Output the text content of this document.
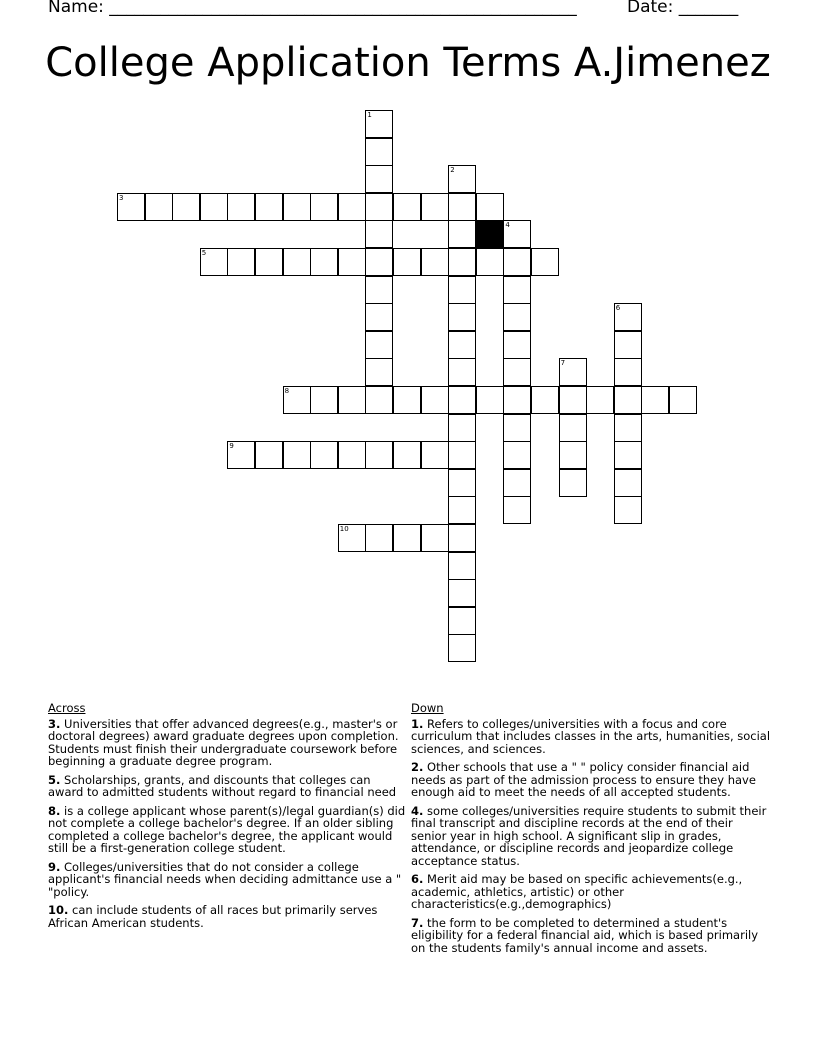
Name: _______________________________________________________	Date: _______
College Application Terms A.Jimenez
1
2
3
4
5
6
7
8
9
10
Across
3. Universities that offer advanced degrees(e.g., master's or doctoral degrees) award graduate degrees upon completion. Students must finish their undergraduate coursework before beginning a graduate degree program.
5. Scholarships, grants, and discounts that colleges can award to admitted students without regard to financial need
8. is a college applicant whose parent(s)/legal guardian(s) did not complete a college bachelor's degree. If an older sibling completed a college bachelor's degree, the applicant would still be a first-generation college student.
9. Colleges/universities that do not consider a college applicant's financial needs when deciding admittance use a " "policy.
10. can include students of all races but primarily serves African American students.
Down
1. Refers to colleges/universities with a focus and core curriculum that includes classes in the arts, humanities, social sciences, and sciences.
2. Other schools that use a " " policy consider financial aid needs as part of the admission process to ensure they have enough aid to meet the needs of all accepted students.
4. some colleges/universities require students to submit their final transcript and discipline records at the end of their senior year in high school. A significant slip in grades, attendance, or discipline records and jeopardize college acceptance status.
6. Merit aid may be based on specific achievements(e.g., academic, athletics, artistic) or other characteristics(e.g.,demographics)
7. the form to be completed to determined a student's eligibility for a federal financial aid, which is based primarily on the students family's annual income and assets.
